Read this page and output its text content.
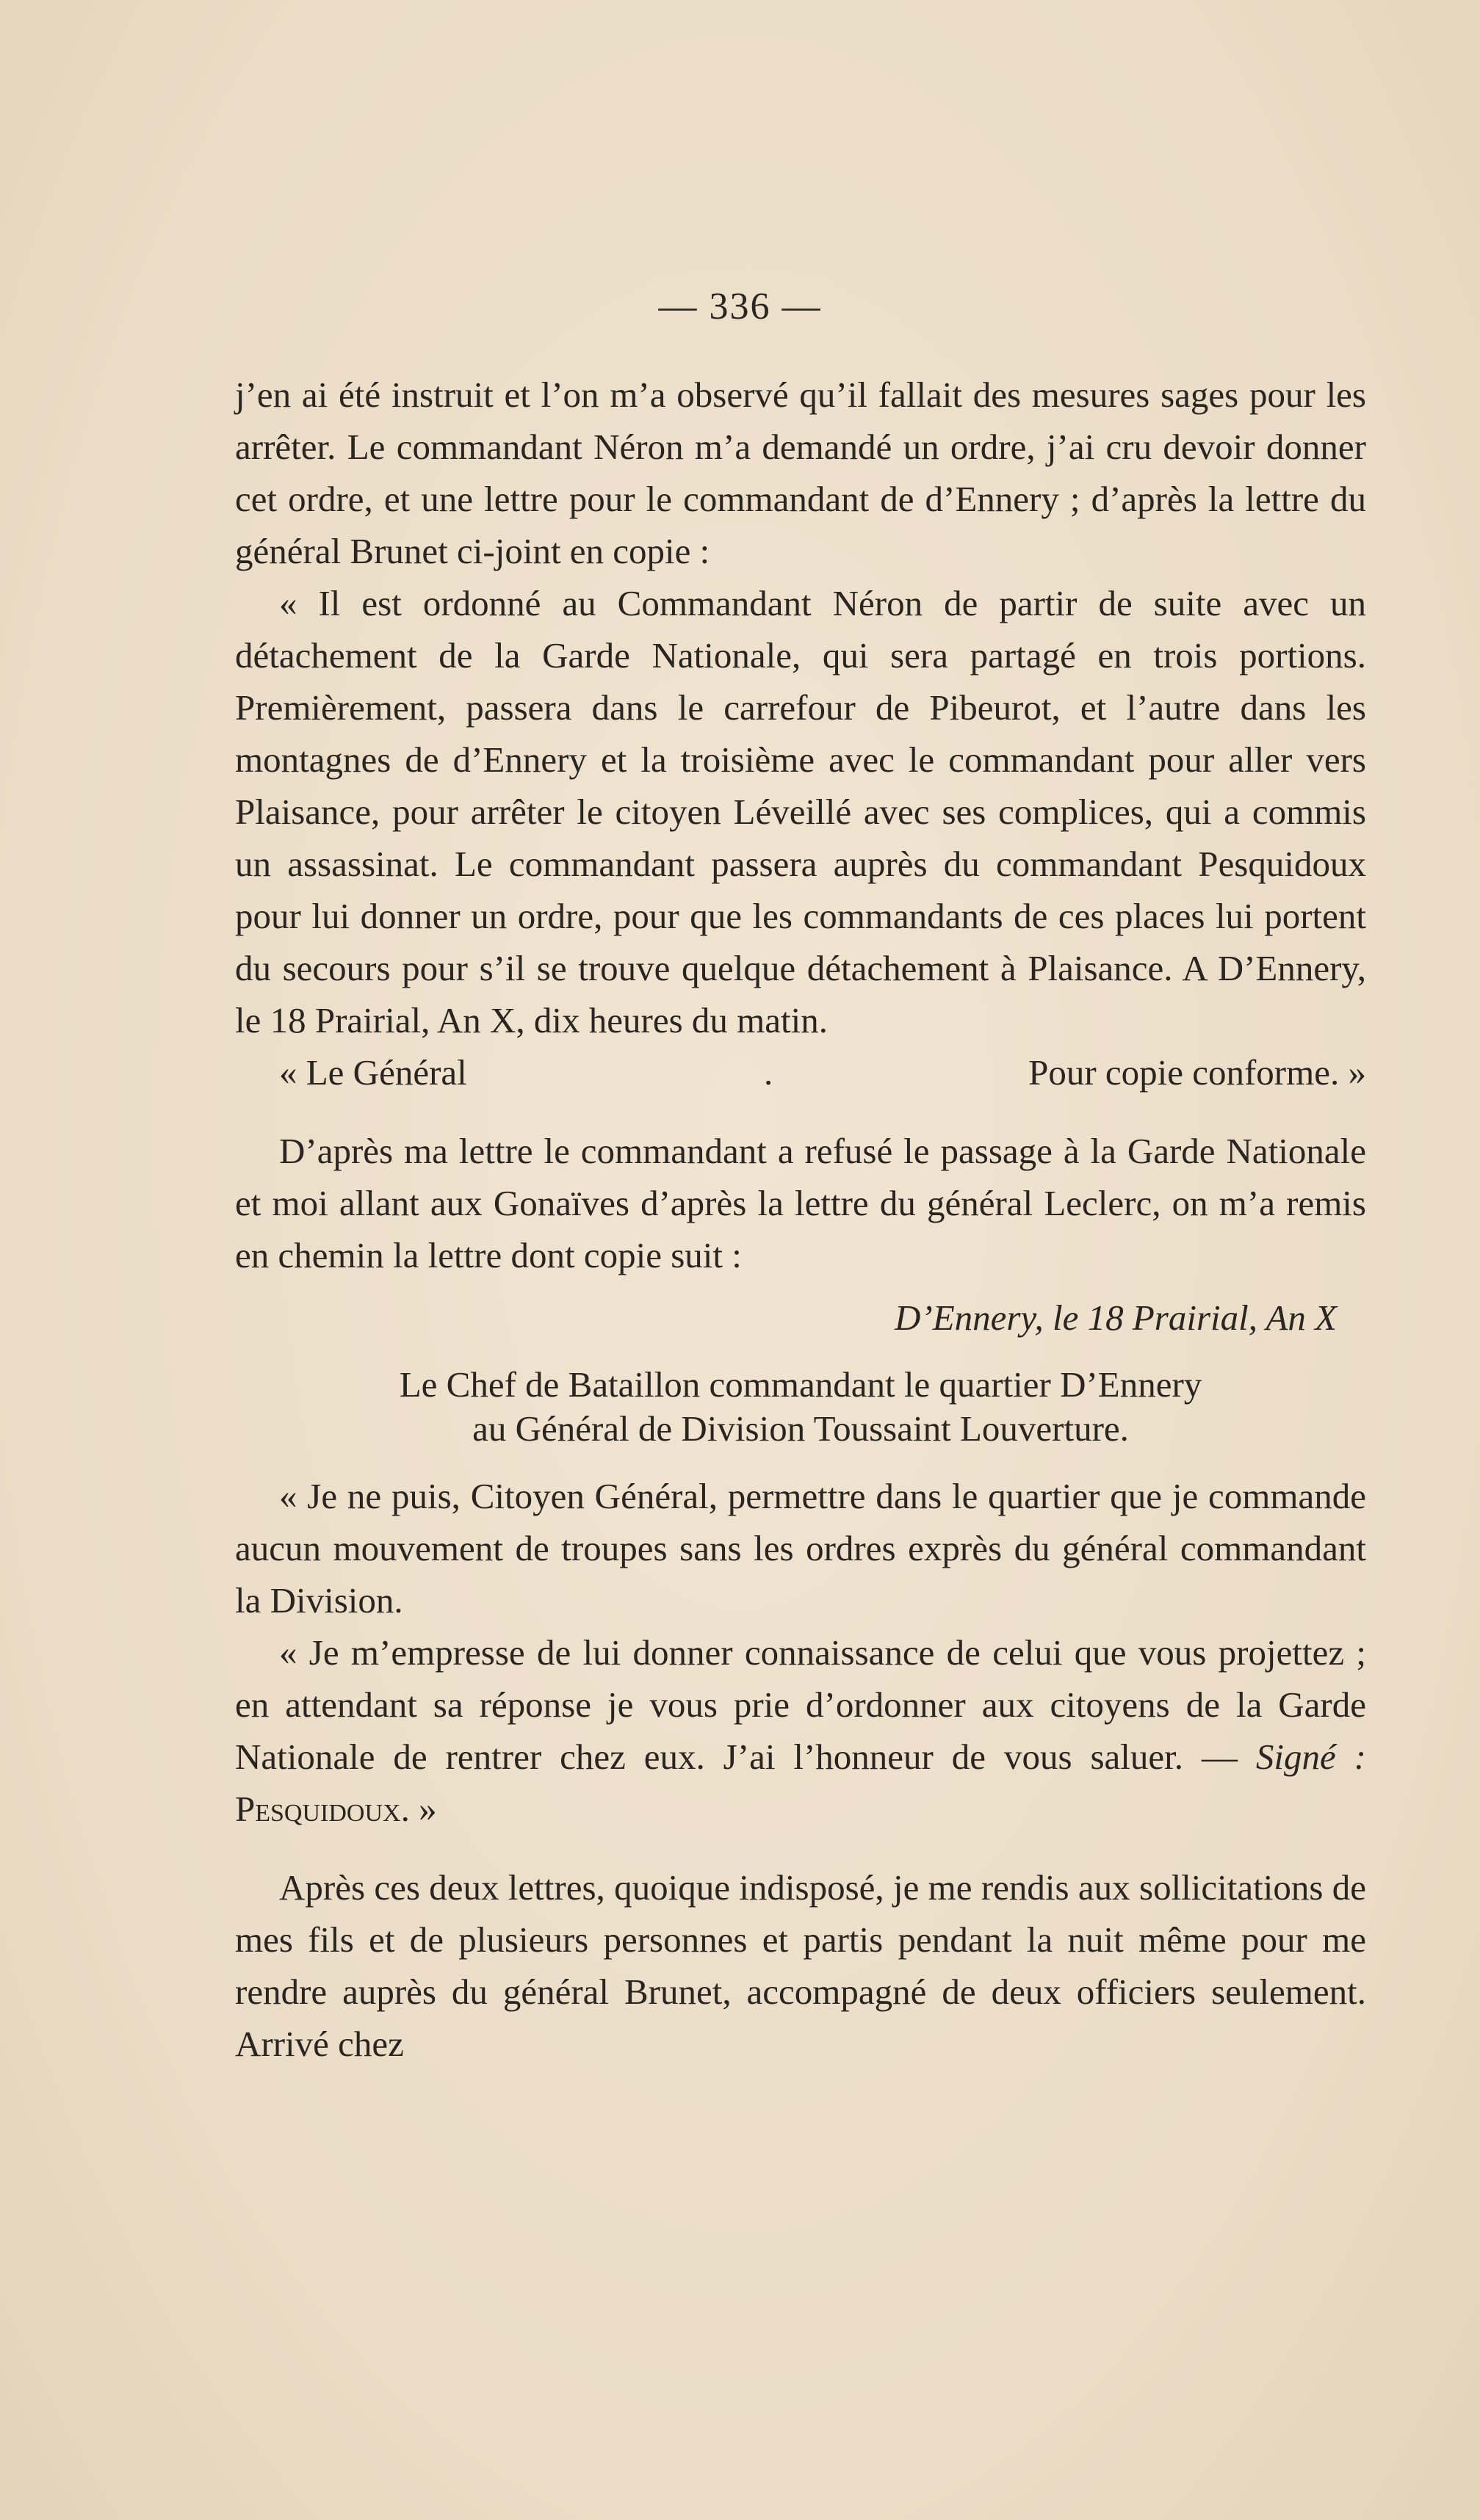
— 336 —

j’en ai été instruit et l’on m’a observé qu’il fallait des mesures sages pour les arrêter. Le commandant Néron m’a demandé un ordre, j’ai cru devoir donner cet ordre, et une lettre pour le commandant de d’Ennery ; d’après la lettre du général Brunet ci-joint en copie :

« Il est ordonné au Commandant Néron de partir de suite avec un détachement de la Garde Nationale, qui sera partagé en trois portions. Premièrement, passera dans le carrefour de Pibeurot, et l’autre dans les montagnes de d’Ennery et la troisième avec le commandant pour aller vers Plaisance, pour arrêter le citoyen Léveillé avec ses complices, qui a commis un assassinat. Le commandant passera auprès du commandant Pesquidoux pour lui donner un ordre, pour que les commandants de ces places lui portent du secours pour s’il se trouve quelque détachement à Plaisance. A D’Ennery, le 18 Prairial, An X, dix heures du matin.

« Le Général	.	Pour copie conforme. »

D’après ma lettre le commandant a refusé le passage à la Garde Nationale et moi allant aux Gonaïves d’après la lettre du général Leclerc, on m’a remis en chemin la lettre dont copie suit :

D’Ennery, le 18 Prairial, An X
Le Chef de Bataillon commandant le quartier D’Ennery
au Général de Division Toussaint Louverture.

« Je ne puis, Citoyen Général, permettre dans le quartier que je commande aucun mouvement de troupes sans les ordres exprès du général commandant la Division.

« Je m’empresse de lui donner connaissance de celui que vous projettez ; en attendant sa réponse je vous prie d’ordonner aux citoyens de la Garde Nationale de rentrer chez eux. J’ai l’honneur de vous saluer. — Signé : Pesquidoux. »

Après ces deux lettres, quoique indisposé, je me rendis aux sollicitations de mes fils et de plusieurs personnes et partis pendant la nuit même pour me rendre auprès du général Brunet, accompagné de deux officiers seulement. Arrivé chez
